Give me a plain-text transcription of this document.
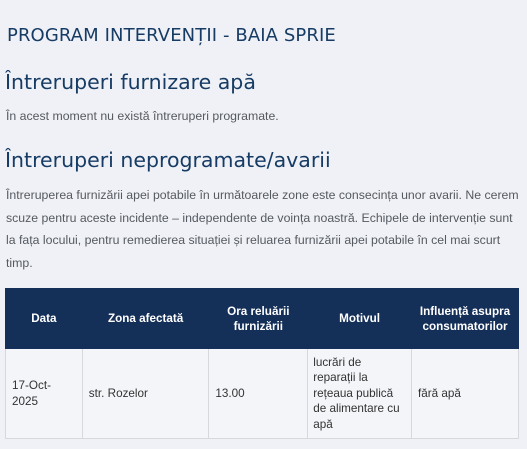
PROGRAM INTERVENȚII - BAIA SPRIE
Întreruperi furnizare apă

În acest moment nu există întreruperi programate.

Întreruperi neprogramate/avarii

Întreruperea furnizării apei potabile în următoarele zone este consecința unor avarii. Ne cerem scuze pentru aceste incidente – independente de voința noastră. Echipele de intervenție sunt la fața locului, pentru remedierea situației și reluarea furnizării apei potabile în cel mai scurt timp.

Data	Zona afectată	Ora reluării furnizării	Motivul	Influență asupra consumatorilor
17-Oct-2025	str. Rozelor	13.00	lucrări de reparații la rețeaua publică de alimentare cu apă	fără apă
